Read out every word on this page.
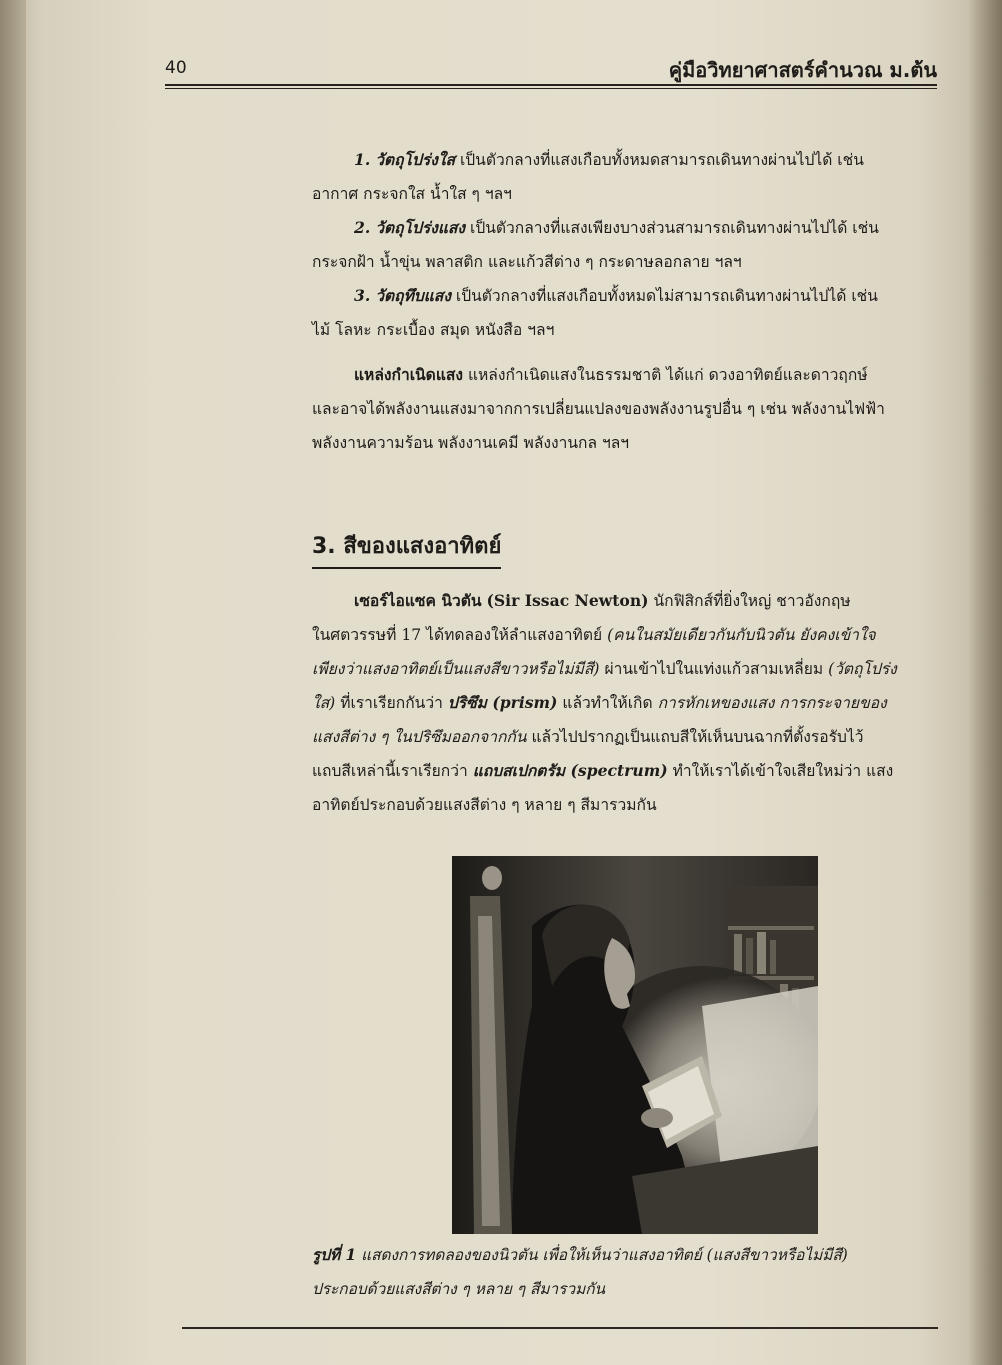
40	คู่มือวิทยาศาสตร์คำนวณ ม.ต้น
1. วัตถุโปร่งใส เป็นตัวกลางที่แสงเกือบทั้งหมดสามารถเดินทางผ่านไปได้ เช่น
อากาศ กระจกใส น้ำใส ๆ ฯลฯ
2. วัตถุโปร่งแสง เป็นตัวกลางที่แสงเพียงบางส่วนสามารถเดินทางผ่านไปได้ เช่น
กระจกฝ้า น้ำขุ่น พลาสติก และแก้วสีต่าง ๆ กระดาษลอกลาย ฯลฯ
3. วัตถุทึบแสง เป็นตัวกลางที่แสงเกือบทั้งหมดไม่สามารถเดินทางผ่านไปได้ เช่น
ไม้ โลหะ กระเบื้อง สมุด หนังสือ ฯลฯ
แหล่งกำเนิดแสง แหล่งกำเนิดแสงในธรรมชาติ ได้แก่ ดวงอาทิตย์และดาวฤกษ์
และอาจได้พลังงานแสงมาจากการเปลี่ยนแปลงของพลังงานรูปอื่น ๆ เช่น พลังงานไฟฟ้า
พลังงานความร้อน พลังงานเคมี พลังงานกล ฯลฯ
3. สีของแสงอาทิตย์
เซอร์ไอแซค นิวตัน (Sir Issac Newton) นักฟิสิกส์ที่ยิ่งใหญ่ ชาวอังกฤษ
ในศตวรรษที่ 17 ได้ทดลองให้ลำแสงอาทิตย์ (คนในสมัยเดียวกันกับนิวตัน ยังคงเข้าใจ
เพียงว่าแสงอาทิตย์เป็นแสงสีขาวหรือไม่มีสี) ผ่านเข้าไปในแท่งแก้วสามเหลี่ยม (วัตถุโปร่ง
ใส) ที่เราเรียกกันว่า ปริซึม (prism) แล้วทำให้เกิด การหักเหของแสง การกระจายของ
แสงสีต่าง ๆ ในปริซึมออกจากกัน แล้วไปปรากฏเป็นแถบสีให้เห็นบนฉากที่ตั้งรอรับไว้
แถบสีเหล่านี้เราเรียกว่า แถบสเปกตรัม (spectrum) ทำให้เราได้เข้าใจเสียใหม่ว่า แสง
อาทิตย์ประกอบด้วยแสงสีต่าง ๆ หลาย ๆ สีมารวมกัน
รูปที่ 1 แสดงการทดลองของนิวตัน เพื่อให้เห็นว่าแสงอาทิตย์ (แสงสีขาวหรือไม่มีสี)
ประกอบด้วยแสงสีต่าง ๆ หลาย ๆ สีมารวมกัน
